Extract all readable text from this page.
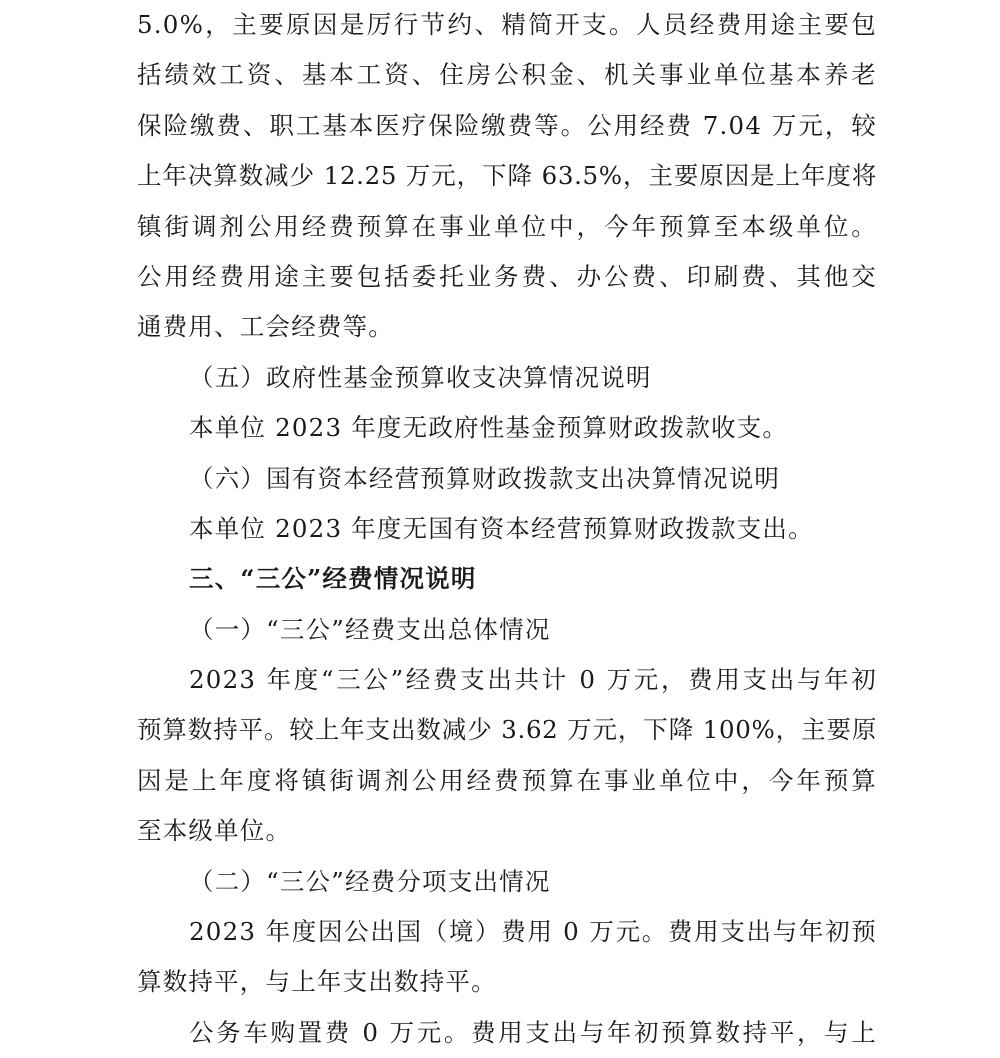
5.0%，主要原因是厉行节约、精简开支。人员经费用途主要包
括绩效工资、基本工资、住房公积金、机关事业单位基本养老
保险缴费、职工基本医疗保险缴费等。公用经费 7.04 万元，较
上年决算数减少 12.25 万元，下降 63.5%，主要原因是上年度将
镇街调剂公用经费预算在事业单位中，今年预算至本级单位。
公用经费用途主要包括委托业务费、办公费、印刷费、其他交
通费用、工会经费等。
（五）政府性基金预算收支决算情况说明
本单位 2023 年度无政府性基金预算财政拨款收支。
（六）国有资本经营预算财政拨款支出决算情况说明
本单位 2023 年度无国有资本经营预算财政拨款支出。
三、“三公”经费情况说明
（一）“三公”经费支出总体情况
2023 年度“三公”经费支出共计 0 万元，费用支出与年初
预算数持平。较上年支出数减少 3.62 万元，下降 100%，主要原
因是上年度将镇街调剂公用经费预算在事业单位中，今年预算
至本级单位。
（二）“三公”经费分项支出情况
2023 年度因公出国（境）费用 0 万元。费用支出与年初预
算数持平，与上年支出数持平。
公务车购置费 0 万元。费用支出与年初预算数持平，与上
